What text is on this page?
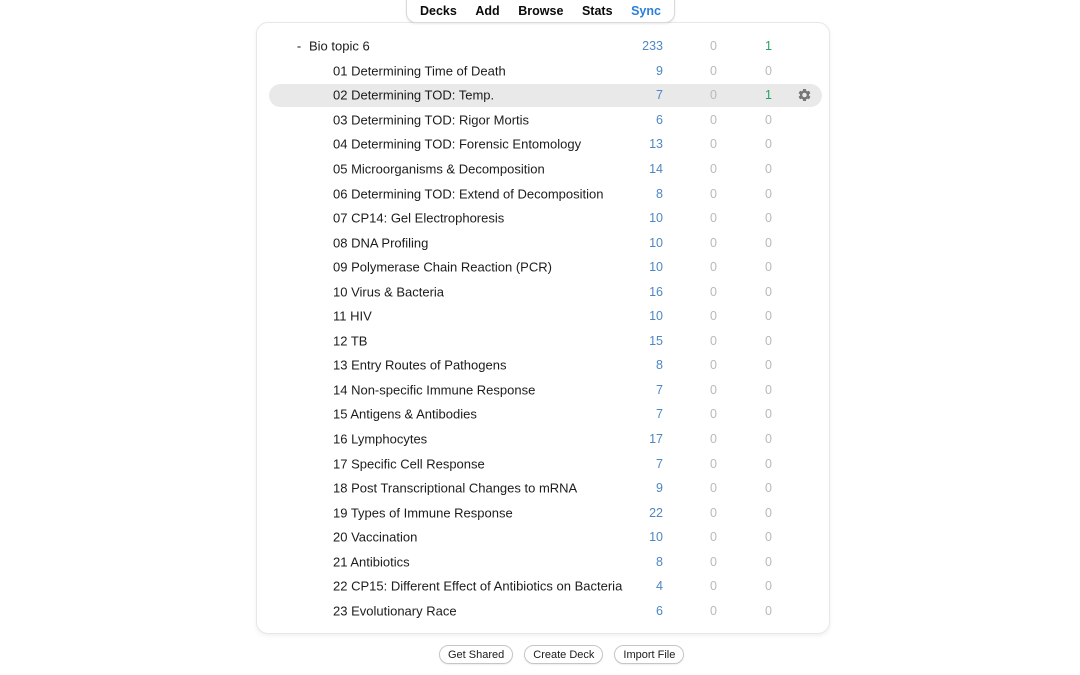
Decks Add Browse Stats Sync
- Bio topic 6	233	0	1
01 Determining Time of Death	9	0	0
02 Determining TOD: Temp.	7	0	1
03 Determining TOD: Rigor Mortis	6	0	0
04 Determining TOD: Forensic Entomology	13	0	0
05 Microorganisms & Decomposition	14	0	0
06 Determining TOD: Extend of Decomposition	8	0	0
07 CP14: Gel Electrophoresis	10	0	0
08 DNA Profiling	10	0	0
09 Polymerase Chain Reaction (PCR)	10	0	0
10 Virus & Bacteria	16	0	0
11 HIV	10	0	0
12 TB	15	0	0
13 Entry Routes of Pathogens	8	0	0
14 Non-specific Immune Response	7	0	0
15 Antigens & Antibodies	7	0	0
16 Lymphocytes	17	0	0
17 Specific Cell Response	7	0	0
18 Post Transcriptional Changes to mRNA	9	0	0
19 Types of Immune Response	22	0	0
20 Vaccination	10	0	0
21 Antibiotics	8	0	0
22 CP15: Different Effect of Antibiotics on Bacteria	4	0	0
23 Evolutionary Race	6	0	0
Get Shared	Create Deck	Import File
